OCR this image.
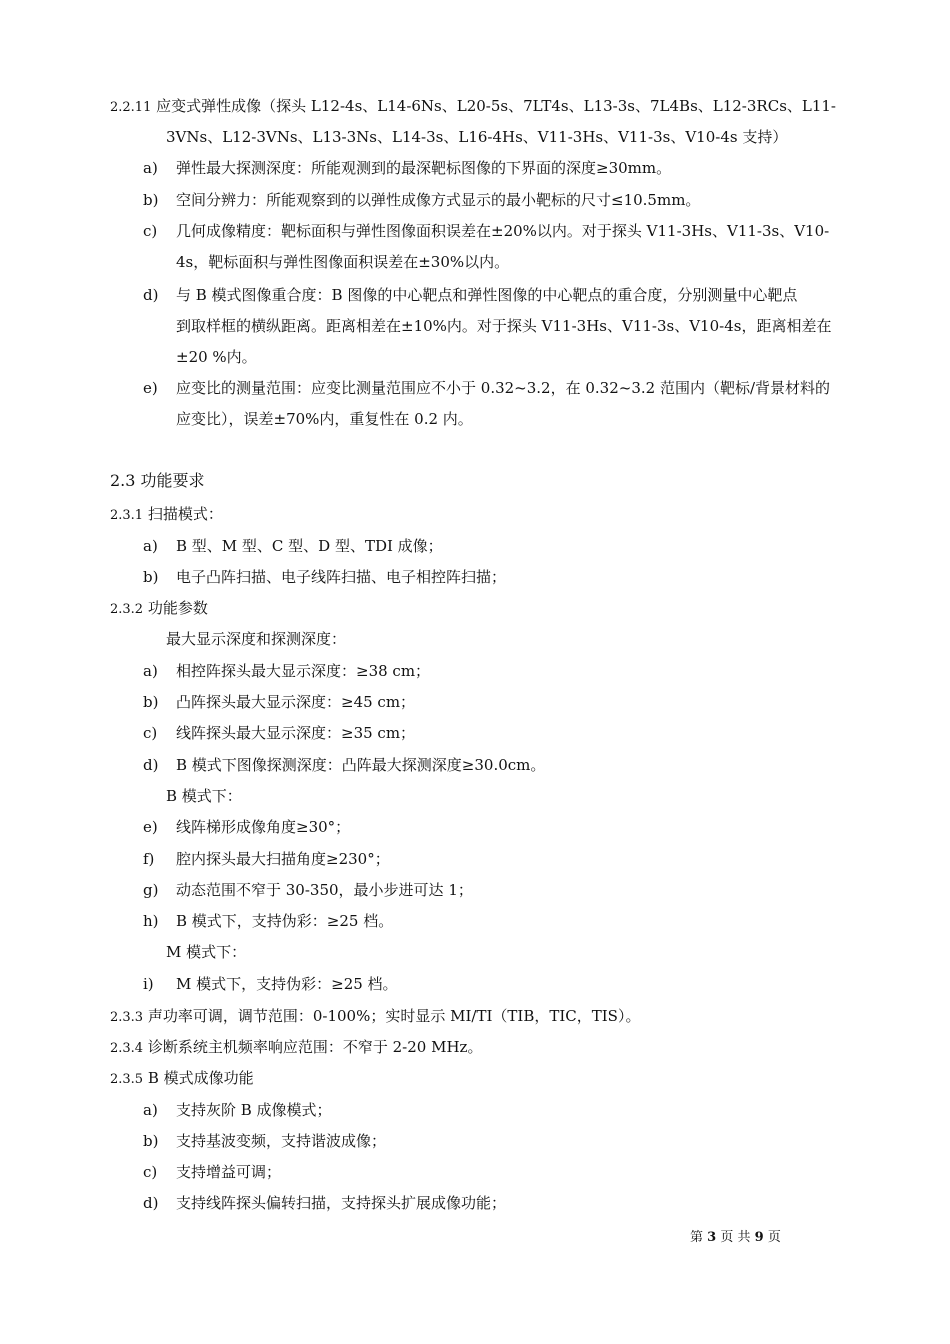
2.2.11 应变式弹性成像（探头 L12-4s、L14-6Ns、L20-5s、7LT4s、L13-3s、7L4Bs、L12-3RCs、L11-
3VNs、L12-3VNs、L13-3Ns、L14-3s、L16-4Hs、V11-3Hs、V11-3s、V10-4s 支持）
a) 弹性最大探测深度：所能观测到的最深靶标图像的下界面的深度≥30mm。
b) 空间分辨力：所能观察到的以弹性成像方式显示的最小靶标的尺寸≤10.5mm。
c) 几何成像精度：靶标面积与弹性图像面积误差在±20%以内。对于探头 V11-3Hs、V11-3s、V10-
4s，靶标面积与弹性图像面积误差在±30%以内。
d) 与 B 模式图像重合度：B 图像的中心靶点和弹性图像的中心靶点的重合度，分别测量中心靶点
到取样框的横纵距离。距离相差在±10%内。对于探头 V11-3Hs、V11-3s、V10-4s，距离相差在
±20 %内。
e) 应变比的测量范围：应变比测量范围应不小于 0.32~3.2，在 0.32~3.2 范围内（靶标/背景材料的
应变比），误差±70%内，重复性在 0.2 内。
2.3 功能要求
2.3.1 扫描模式：
a) B 型、M 型、C 型、D 型、TDI 成像；
b) 电子凸阵扫描、电子线阵扫描、电子相控阵扫描；
2.3.2 功能参数
最大显示深度和探测深度：
a) 相控阵探头最大显示深度：≥38 cm；
b) 凸阵探头最大显示深度：≥45 cm；
c) 线阵探头最大显示深度：≥35 cm；
d) B 模式下图像探测深度：凸阵最大探测深度≥30.0cm。
B 模式下：
e) 线阵梯形成像角度≥30°；
f) 腔内探头最大扫描角度≥230°；
g) 动态范围不窄于 30-350，最小步进可达 1；
h) B 模式下，支持伪彩：≥25 档。
M 模式下：
i) M 模式下，支持伪彩：≥25 档。
2.3.3 声功率可调，调节范围：0-100%；实时显示 MI/TI（TIB，TIC，TIS）。
2.3.4 诊断系统主机频率响应范围：不窄于 2-20 MHz。
2.3.5 B 模式成像功能
a) 支持灰阶 B 成像模式；
b) 支持基波变频，支持谐波成像；
c) 支持增益可调；
d) 支持线阵探头偏转扫描，支持探头扩展成像功能；
第 3 页 共 9 页
